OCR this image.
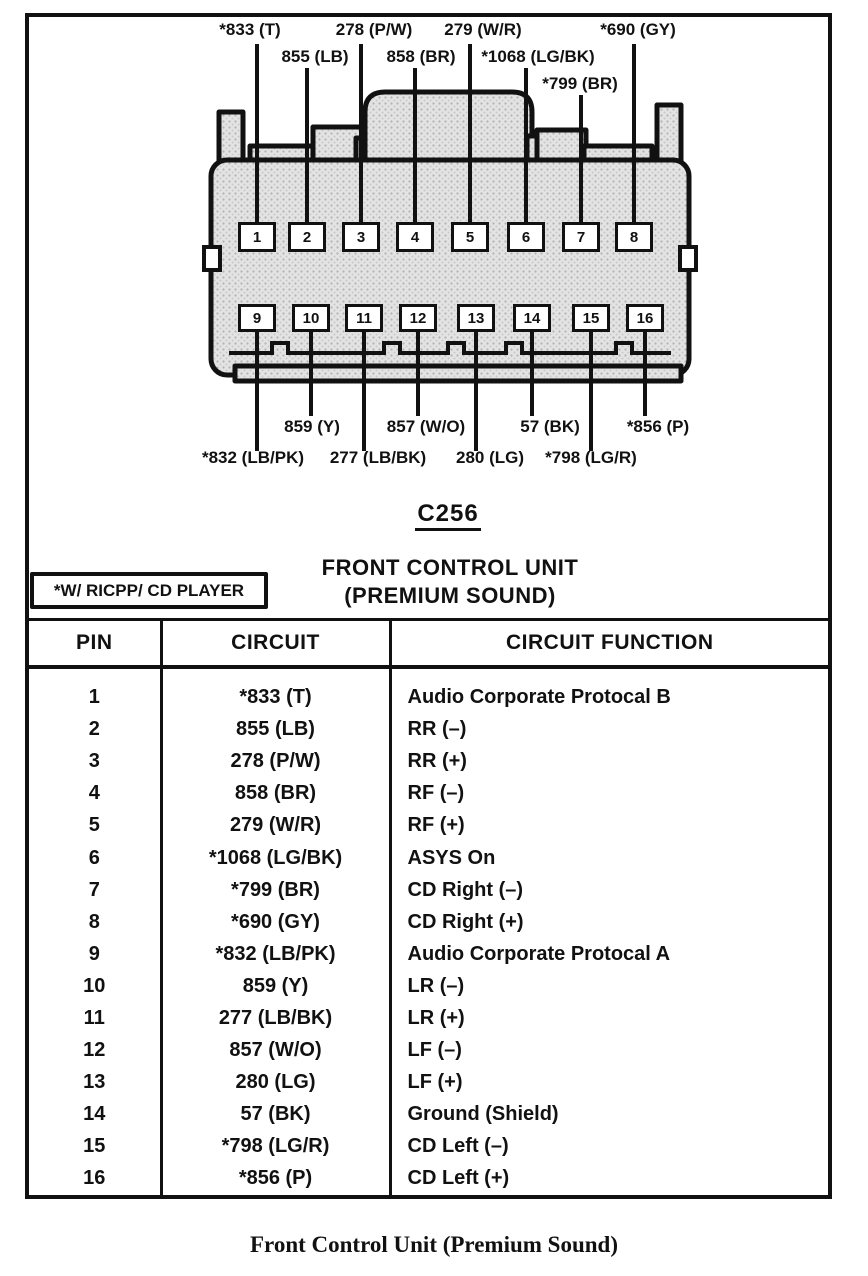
1	2	3	4	5	6	7	8
9	10	11	12	13	14	15	16
*833 (T)
855 (LB)
278 (P/W)
858 (BR)
279 (W/R)
*1068 (LG/BK)
*799 (BR)
*690 (GY)
*832 (LB/PK)
859 (Y)
277 (LB/BK)
857 (W/O)
280 (LG)
57 (BK)
*798 (LG/R)
*856 (P)
C256
FRONT CONTROL UNIT
(PREMIUM SOUND)
*W/ RICPP/ CD PLAYER
PIN	CIRCUIT	CIRCUIT FUNCTION
1	*833 (T)	Audio Corporate Protocal B
2	855 (LB)	RR (–)
3	278 (P/W)	RR (+)
4	858 (BR)	RF (–)
5	279 (W/R)	RF (+)
6	*1068 (LG/BK)	ASYS On
7	*799 (BR)	CD Right (–)
8	*690 (GY)	CD Right (+)
9	*832 (LB/PK)	Audio Corporate Protocal A
10	859 (Y)	LR (–)
11	277 (LB/BK)	LR (+)
12	857 (W/O)	LF (–)
13	280 (LG)	LF (+)
14	57 (BK)	Ground (Shield)
15	*798 (LG/R)	CD Left (–)
16	*856 (P)	CD Left (+)
Front Control Unit (Premium Sound)
